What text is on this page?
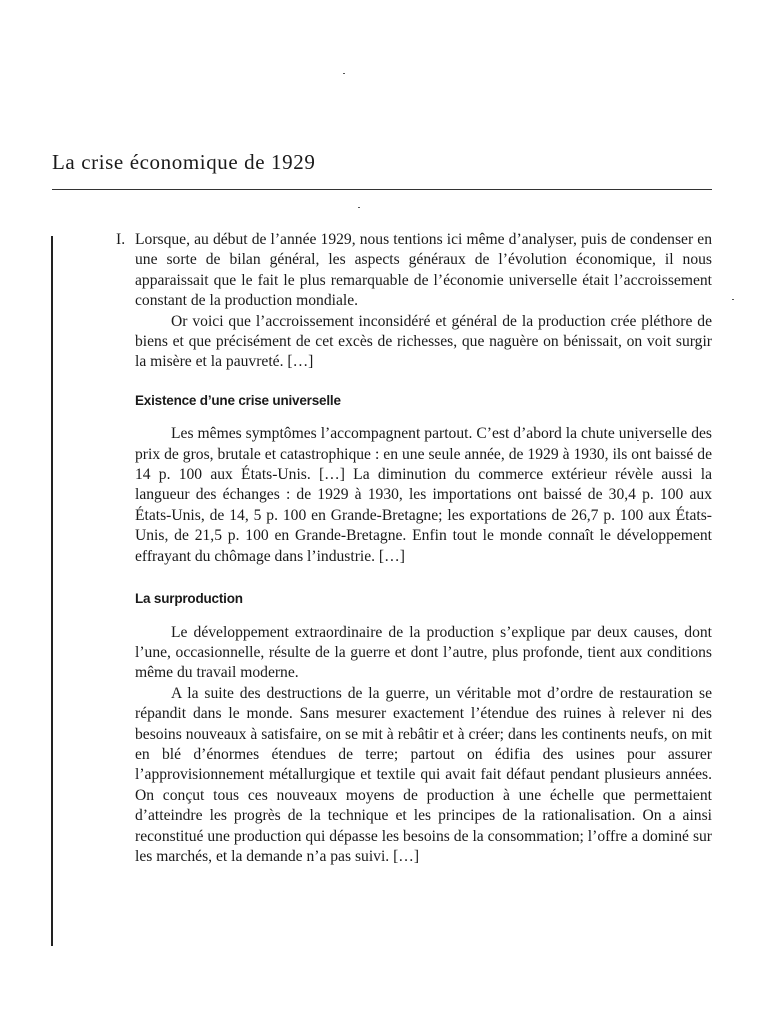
La crise économique de 1929
I. Lorsque, au début de l’année 1929, nous tentions ici même d’analyser, puis de condenser en une sorte de bilan général, les aspects généraux de l’évolution économique, il nous apparaissait que le fait le plus remarquable de l’économie universelle était l’accroissement constant de la production mondiale.

Or voici que l’accroissement inconsidéré et général de la production crée pléthore de biens et que précisément de cet excès de richesses, que naguère on bénissait, on voit surgir la misère et la pauvreté. […]

Existence d’une crise universelle

Les mêmes symptômes l’accompagnent partout. C’est d’abord la chute universelle des prix de gros, brutale et catastrophique : en une seule année, de 1929 à 1930, ils ont baissé de 14 p. 100 aux États-Unis. […] La diminution du commerce extérieur révèle aussi la langueur des échanges : de 1929 à 1930, les importations ont baissé de 30,4 p. 100 aux États-Unis, de 14, 5 p. 100 en Grande-Bretagne; les exportations de 26,7 p. 100 aux États-Unis, de 21,5 p. 100 en Grande-Bretagne. Enfin tout le monde connaît le développement effrayant du chômage dans l’industrie. […]

La surproduction

Le développement extraordinaire de la production s’explique par deux causes, dont l’une, occasionnelle, résulte de la guerre et dont l’autre, plus profonde, tient aux conditions même du travail moderne.

A la suite des destructions de la guerre, un véritable mot d’ordre de restauration se répandit dans le monde. Sans mesurer exactement l’étendue des ruines à relever ni des besoins nouveaux à satisfaire, on se mit à rebâtir et à créer; dans les continents neufs, on mit en blé d’énormes étendues de terre; partout on édifia des usines pour assurer l’approvisionnement métallurgique et textile qui avait fait défaut pendant plusieurs années. On conçut tous ces nouveaux moyens de production à une échelle que permettaient d’atteindre les progrès de la technique et les principes de la rationalisation. On a ainsi reconstitué une production qui dépasse les besoins de la consommation; l’offre a dominé sur les marchés, et la demande n’a pas suivi. […]
